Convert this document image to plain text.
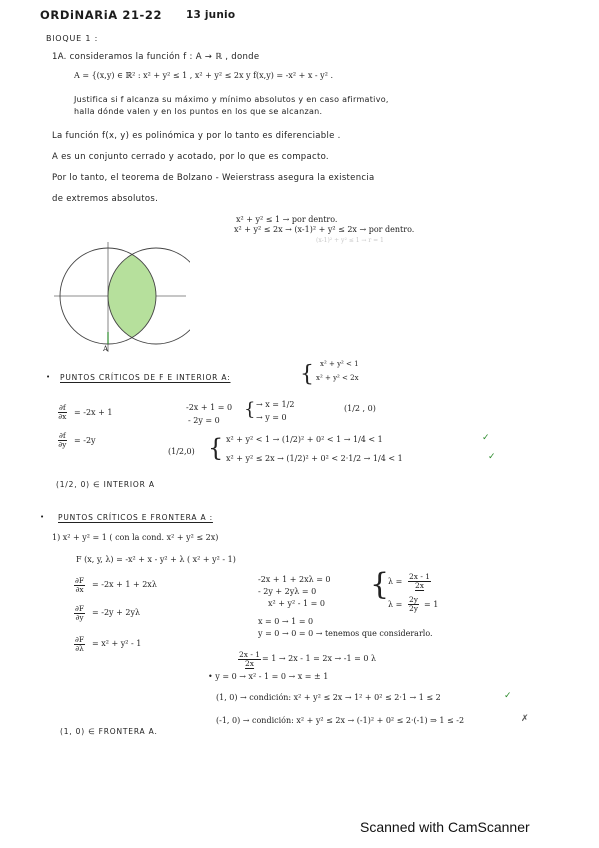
ORDiNARiA 21-22 13 junio
BlOQUE 1 :
1A. consideramos la función f : A → ℝ , donde
A = {(x,y) ∈ ℝ² : x² + y² ≤ 1 , x² + y² ≤ 2x y f(x,y) = -x² + x - y² .
Justifica si f alcanza su máximo y mínimo absolutos y en caso afirmativo,
halla dónde valen y en los puntos en los que se alcanzan.
La función f(x, y) es polinómica y por lo tanto es diferenciable .
A es un conjunto cerrado y acotado, por lo que es compacto.
Por lo tanto, el teorema de Bolzano - Weierstrass asegura la existencia
de extremos absolutos.
x² + y² ≤ 1 → por dentro.
x² + y² ≤ 2x → (x-1)² + y² ≤ 2x → por dentro.
(x-1)² + y² ≤ 1 → r = 1
A
• PUNTOS CRÍTICOS DE F E INTERIOR A:	{ x² + y² < 1
x² + y² < 2x
$\frac{\partial f}{\partial x} = -2x + 1$
$\frac{\partial f}{\partial y} = -2y$
-2x + 1 = 0
- 2y = 0
{ → x = 1/2
→ y = 0
(1/2 , 0)
(1/2,0) { x² + y² < 1 → (1/2)² + 0² < 1 → 1/4 < 1	✓
x² + y² ≤ 2x → (1/2)² + 0² < 2·1/2 → 1/4 < 1	✓
(1/2, 0) ∈ INTERIOR A
• PUNTOS CRÍTICOS E FRONTERA A :
1) x² + y² = 1 ( con la cond. x² + y² ≤ 2x)
F (x, y, λ) = -x² + x - y² + λ ( x² + y² - 1)
$\frac{\partial F}{\partial x} = -2x + 1 + 2x\lambda$
$\frac{\partial F}{\partial y} = -2y + 2y\lambda$
$\frac{\partial F}{\partial\lambda} = x^2 + y^2 - 1$
-2x + 1 + 2xλ = 0
- 2y + 2yλ = 0
x² + y² - 1 = 0
{
$\lambda = \frac{2x - 1}{2x}$
$\lambda = \frac{2y}{2y} = 1$
x = 0 → 1 = 0
y = 0 → 0 = 0 → tenemos que considerarlo.
$\frac{2x - 1}{2x} = 1 \to 2x - 1 = 2x \to -1 = 0$ λ
• y = 0 → x² - 1 = 0 → x = ± 1
(1, 0) → condición: x² + y² ≤ 2x → 1² + 0² ≤ 2·1 → 1 ≤ 2	✓
(-1, 0) → condición: x² + y² ≤ 2x → (-1)² + 0² ≤ 2·(-1) ⇒ 1 ≤ -2	✗
(1, 0) ∈ FRONTERA A.
Scanned with CamScanner
